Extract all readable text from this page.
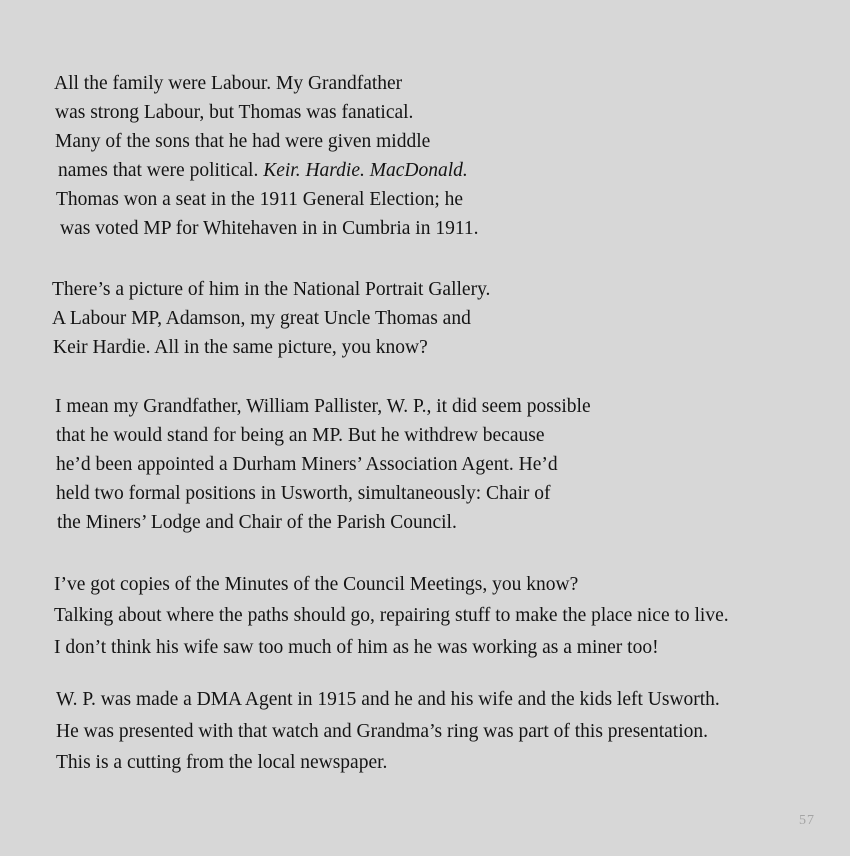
All the family were Labour. My Grandfather
was strong Labour, but Thomas was fanatical.
Many of the sons that he had were given middle
names that were political. Keir. Hardie. MacDonald.
Thomas won a seat in the 1911 General Election; he
was voted MP for Whitehaven in in Cumbria in 1911.
There’s a picture of him in the National Portrait Gallery.
A Labour MP, Adamson, my great Uncle Thomas and
Keir Hardie. All in the same picture, you know?
I mean my Grandfather, William Pallister, W. P., it did seem possible
that he would stand for being an MP. But he withdrew because
he’d been appointed a Durham Miners’ Association Agent. He’d
held two formal positions in Usworth, simultaneously: Chair of
the Miners’ Lodge and Chair of the Parish Council.
I’ve got copies of the Minutes of the Council Meetings, you know?
Talking about where the paths should go, repairing stuff to make the place nice to live.
I don’t think his wife saw too much of him as he was working as a miner too!
W. P. was made a DMA Agent in 1915 and he and his wife and the kids left Usworth.
He was presented with that watch and Grandma’s ring was part of this presentation.
This is a cutting from the local newspaper.
57
